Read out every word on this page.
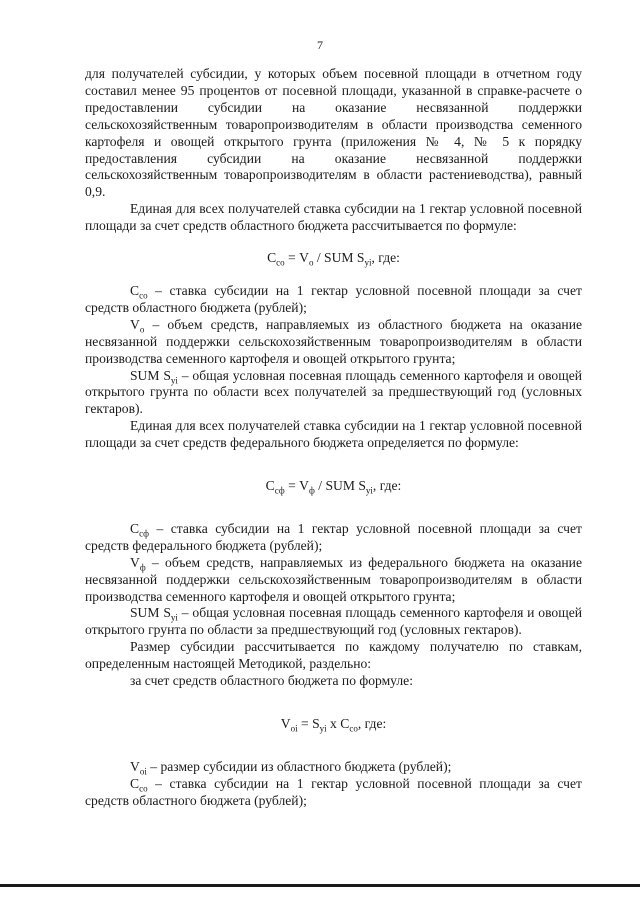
7

для получателей субсидии, у которых объем посевной площади в отчетном году составил менее 95 процентов от посевной площади, указанной в справке-расчете о предоставлении субсидии на оказание несвязанной поддержки сельскохозяйственным товаропроизводителям в области производства семенного картофеля и овощей открытого грунта (приложения № 4, № 5 к порядку предоставления субсидии на оказание несвязанной поддержки сельскохозяйственным товаропроизводителям в области растениеводства), равный 0,9.

Единая для всех получателей ставка субсидии на 1 гектар условной посевной площади за счет средств областного бюджета рассчитывается по формуле:

$С_{со} = V_о$ / SUM $S_{yi}$, где:

$С_{со}$ – ставка субсидии на 1 гектар условной посевной площади за счет средств областного бюджета (рублей);

$V_о$ – объем средств, направляемых из областного бюджета на оказание несвязанной поддержки сельскохозяйственным товаропроизводителям в области производства семенного картофеля и овощей открытого грунта;

SUM $S_{yi}$ – общая условная посевная площадь семенного картофеля и овощей открытого грунта по области всех получателей за предшествующий год (условных гектаров).

Единая для всех получателей ставка субсидии на 1 гектар условной посевной площади за счет средств федерального бюджета определяется по формуле:

$С_{сф} = V_ф$ / SUM $S_{yi}$, где:

$С_{сф}$ – ставка субсидии на 1 гектар условной посевной площади за счет средств федерального бюджета (рублей);

$V_ф$ – объем средств, направляемых из федерального бюджета на оказание несвязанной поддержки сельскохозяйственным товаропроизводителям в области производства семенного картофеля и овощей открытого грунта;

SUM $S_{yi}$ – общая условная посевная площадь семенного картофеля и овощей открытого грунта по области за предшествующий год (условных гектаров).

Размер субсидии рассчитывается по каждому получателю по ставкам, определенным настоящей Методикой, раздельно:

за счет средств областного бюджета по формуле:

$V_{oi} = S_{yi}$ х $С_{со}$, где:

$V_{oi}$ – размер субсидии из областного бюджета (рублей);

$С_{со}$ – ставка субсидии на 1 гектар условной посевной площади за счет средств областного бюджета (рублей);
